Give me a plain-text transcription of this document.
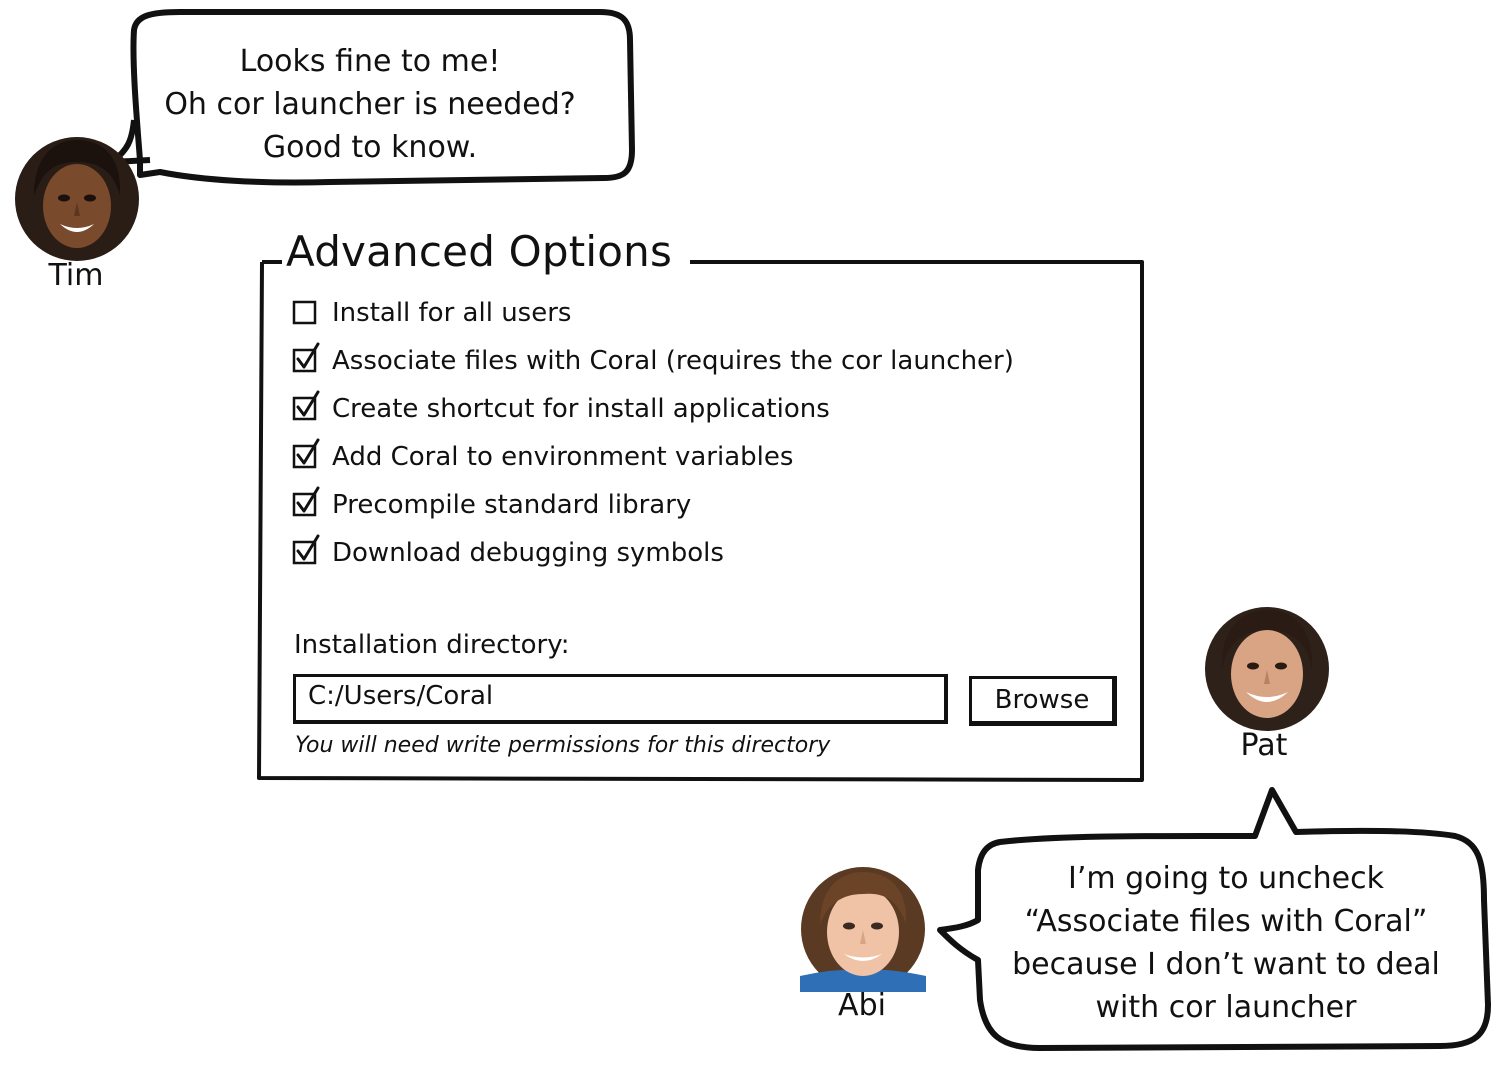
Looks fine to me!
Oh cor launcher is needed?
Good to know.
Tim
Pat
Abi
I’m going to uncheck
“Associate files with Coral”
because I don’t want to deal
with cor launcher
Advanced Options
Install for all users
Associate files with Coral (requires the cor launcher)
Create shortcut for install applications
Add Coral to environment variables
Precompile standard library
Download debugging symbols
Installation directory:
C:/Users/Coral	Browse
You will need write permissions for this directory
